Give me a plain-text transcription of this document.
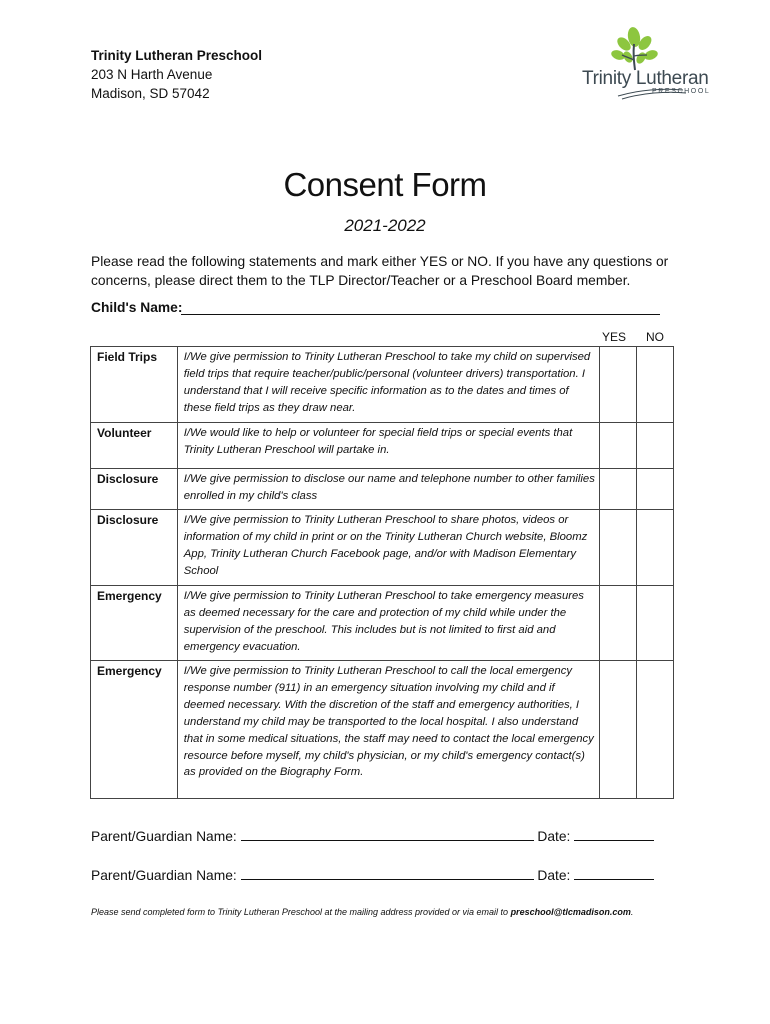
Trinity Lutheran Preschool
203 N Harth Avenue
Madison, SD 57042
Trinity Lutheran
PRESCHOOL
Consent Form
2021-2022
Please read the following statements and mark either YES or NO. If you have any questions or concerns, please direct them to the TLP Director/Teacher or a Preschool Board member.
Child's Name:
YES	NO
Field Trips	I/We give permission to Trinity Lutheran Preschool to take my child on supervised field trips that require teacher/public/personal (volunteer drivers) transportation. I understand that I will receive specific information as to the dates and times of these field trips as they draw near.		
Volunteer	I/We would like to help or volunteer for special field trips or special events that Trinity Lutheran Preschool will partake in.		
Disclosure	I/We give permission to disclose our name and telephone number to other families enrolled in my child's class		
Disclosure	I/We give permission to Trinity Lutheran Preschool to share photos, videos or information of my child in print or on the Trinity Lutheran Church website, Bloomz App, Trinity Lutheran Church Facebook page, and/or with Madison Elementary School		
Emergency	I/We give permission to Trinity Lutheran Preschool to take emergency measures as deemed necessary for the care and protection of my child while under the supervision of the preschool. This includes but is not limited to first aid and emergency evacuation.		
Emergency	I/We give permission to Trinity Lutheran Preschool to call the local emergency response number (911) in an emergency situation involving my child and if deemed necessary. With the discretion of the staff and emergency authorities, I understand my child may be transported to the local hospital. I also understand that in some medical situations, the staff may need to contact the local emergency resource before myself, my child's physician, or my child's emergency contact(s) as provided on the Biography Form.		
Parent/Guardian Name:	Date:
Parent/Guardian Name:	Date:
Please send completed form to Trinity Lutheran Preschool at the mailing address provided or via email to preschool@tlcmadison.com.
